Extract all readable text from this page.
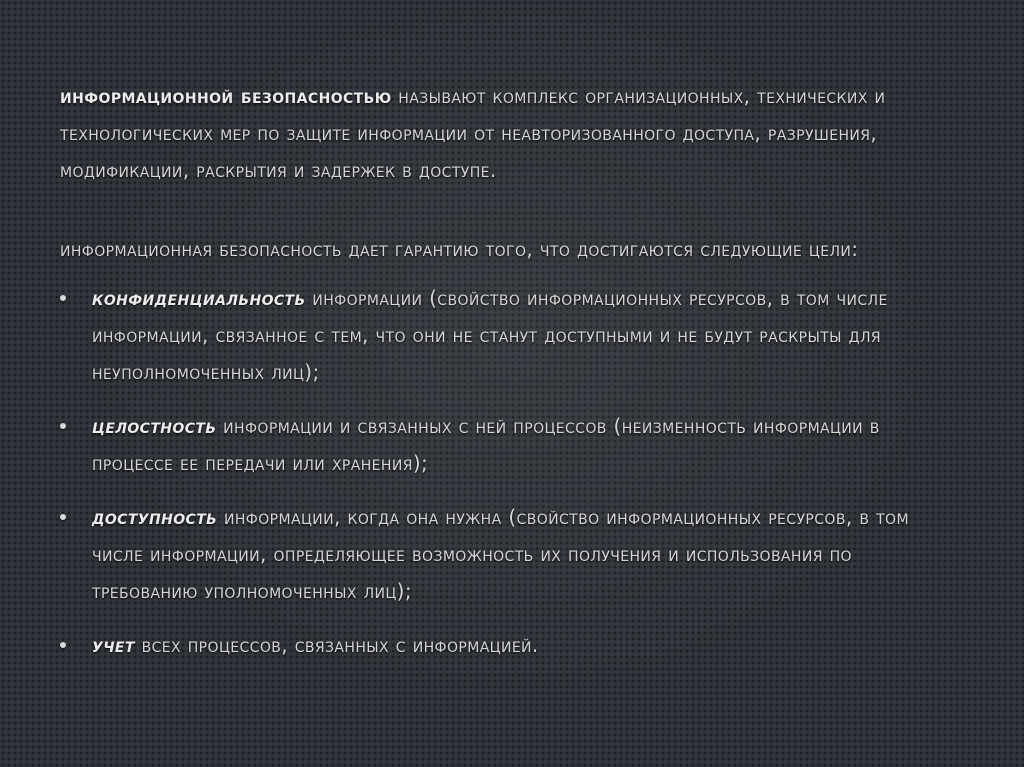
информационной безопасностью называют комплекс организационных, технических и технологических мер по защите информации от неавторизованного доступа, разрушения, модификации, раскрытия и задержек в доступе.
информационная безопасность дает гарантию того, что достигаются следующие цели:
конфиденциальность информации (свойство информационных ресурсов, в том числе информации, связанное с тем, что они не станут доступными и не будут раскрыты для неуполномоченных лиц);
целостность информации и связанных с ней процессов (неизменность информации в процессе ее передачи или хранения);
доступность информации, когда она нужна (свойство информационных ресурсов, в том числе информации, определяющее возможность их получения и использования по требованию уполномоченных лиц);
учет всех процессов, связанных с информацией.
